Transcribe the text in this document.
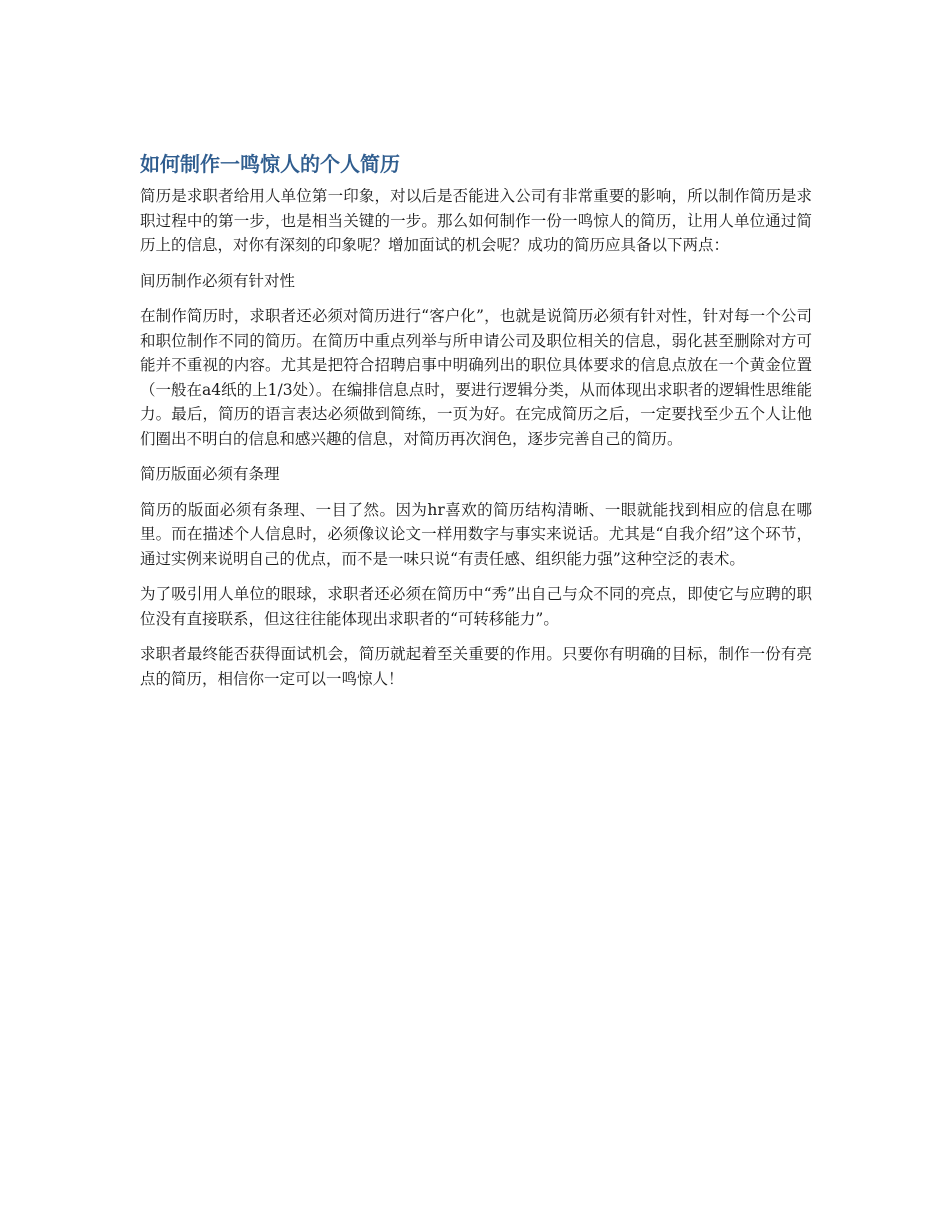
如何制作一鸣惊人的个人简历

简历是求职者给用人单位第一印象，对以后是否能进入公司有非常重要的影响，所以制作简历是求职过程中的第一步，也是相当关键的一步。那么如何制作一份一鸣惊人的简历，让用人单位通过简历上的信息，对你有深刻的印象呢？增加面试的机会呢？成功的简历应具备以下两点：

间历制作必须有针对性

在制作简历时，求职者还必须对简历进行“客户化”，也就是说简历必须有针对性，针对每一个公司和职位制作不同的简历。在简历中重点列举与所申请公司及职位相关的信息，弱化甚至删除对方可能并不重视的内容。尤其是把符合招聘启事中明确列出的职位具体要求的信息点放在一个黄金位置（一般在a4纸的上1/3处）。在编排信息点时，要进行逻辑分类，从而体现出求职者的逻辑性思维能力。最后，简历的语言表达必须做到简练，一页为好。在完成简历之后，一定要找至少五个人让他们圈出不明白的信息和感兴趣的信息，对简历再次润色，逐步完善自己的简历。

简历版面必须有条理

简历的版面必须有条理、一目了然。因为hr喜欢的简历结构清晰、一眼就能找到相应的信息在哪里。而在描述个人信息时，必须像议论文一样用数字与事实来说话。尤其是“自我介绍”这个环节，通过实例来说明自己的优点，而不是一味只说“有责任感、组织能力强”这种空泛的表术。

为了吸引用人单位的眼球，求职者还必须在简历中“秀”出自己与众不同的亮点，即使它与应聘的职位没有直接联系，但这往往能体现出求职者的“可转移能力”。

求职者最终能否获得面试机会，简历就起着至关重要的作用。只要你有明确的目标，制作一份有亮点的简历，相信你一定可以一鸣惊人！
